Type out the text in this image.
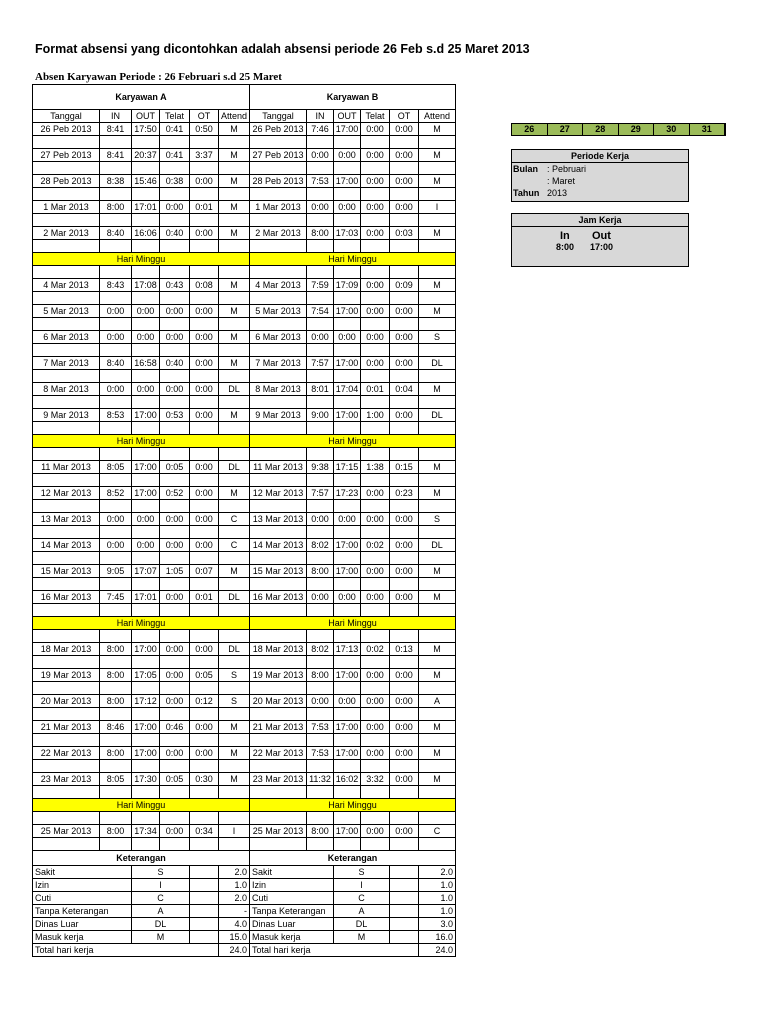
Format absensi yang dicontohkan adalah absensi periode 26 Feb s.d 25 Maret 2013
Absen Karyawan Periode : 26 Februari s.d 25 Maret
Karyawan A						Karyawan B					
Tanggal	IN	OUT	Telat	OT	Attend	Tanggal	IN	OUT	Telat	OT	Attend
26 Peb 2013	8:41	17:50	0:41	0:50	M	26 Peb 2013	7:46	17:00	0:00	0:00	M

27 Peb 2013	8:41	20:37	0:41	3:37	M	27 Peb 2013	0:00	0:00	0:00	0:00	M

28 Peb 2013	8:38	15:46	0:38	0:00	M	28 Peb 2013	7:53	17:00	0:00	0:00	M

1 Mar 2013	8:00	17:01	0:00	0:01	M	1 Mar 2013	0:00	0:00	0:00	0:00	I

2 Mar 2013	8:40	16:06	0:40	0:00	M	2 Mar 2013	8:00	17:03	0:00	0:03	M

Hari Minggu						Hari Minggu					

4 Mar 2013	8:43	17:08	0:43	0:08	M	4 Mar 2013	7:59	17:09	0:00	0:09	M

5 Mar 2013	0:00	0:00	0:00	0:00	M	5 Mar 2013	7:54	17:00	0:00	0:00	M

6 Mar 2013	0:00	0:00	0:00	0:00	M	6 Mar 2013	0:00	0:00	0:00	0:00	S

7 Mar 2013	8:40	16:58	0:40	0:00	M	7 Mar 2013	7:57	17:00	0:00	0:00	DL

8 Mar 2013	0:00	0:00	0:00	0:00	DL	8 Mar 2013	8:01	17:04	0:01	0:04	M

9 Mar 2013	8:53	17:00	0:53	0:00	M	9 Mar 2013	9:00	17:00	1:00	0:00	DL

Hari Minggu						Hari Minggu					

11 Mar 2013	8:05	17:00	0:05	0:00	DL	11 Mar 2013	9:38	17:15	1:38	0:15	M

12 Mar 2013	8:52	17:00	0:52	0:00	M	12 Mar 2013	7:57	17:23	0:00	0:23	M

13 Mar 2013	0:00	0:00	0:00	0:00	C	13 Mar 2013	0:00	0:00	0:00	0:00	S

14 Mar 2013	0:00	0:00	0:00	0:00	C	14 Mar 2013	8:02	17:00	0:02	0:00	DL

15 Mar 2013	9:05	17:07	1:05	0:07	M	15 Mar 2013	8:00	17:00	0:00	0:00	M

16 Mar 2013	7:45	17:01	0:00	0:01	DL	16 Mar 2013	0:00	0:00	0:00	0:00	M

Hari Minggu						Hari Minggu					

18 Mar 2013	8:00	17:00	0:00	0:00	DL	18 Mar 2013	8:02	17:13	0:02	0:13	M

19 Mar 2013	8:00	17:05	0:00	0:05	S	19 Mar 2013	8:00	17:00	0:00	0:00	M

20 Mar 2013	8:00	17:12	0:00	0:12	S	20 Mar 2013	0:00	0:00	0:00	0:00	A

21 Mar 2013	8:46	17:00	0:46	0:00	M	21 Mar 2013	7:53	17:00	0:00	0:00	M

22 Mar 2013	8:00	17:00	0:00	0:00	M	22 Mar 2013	7:53	17:00	0:00	0:00	M

23 Mar 2013	8:05	17:30	0:05	0:30	M	23 Mar 2013	11:32	16:02	3:32	0:00	M

Hari Minggu						Hari Minggu					

25 Mar 2013	8:00	17:34	0:00	0:34	I	25 Mar 2013	8:00	17:00	0:00	0:00	C

Keterangan						Keterangan					
Sakit		S			2.0	Sakit		S			2.0
Izin		I			1.0	Izin		I			1.0
Cuti		C			2.0	Cuti		C			1.0
Tanpa Keterangan		A			-	Tanpa Keterangan		A			1.0
Dinas Luar		DL			4.0	Dinas Luar		DL			3.0
Masuk kerja		M			15.0	Masuk kerja		M			16.0
Total hari kerja					24.0	Total hari kerja					24.0
26	27	28	29	30	31
Periode Kerja
Bulan : Pebruari
: Maret
Tahun 2013
Jam Kerja
In	Out
8:00	17:00
